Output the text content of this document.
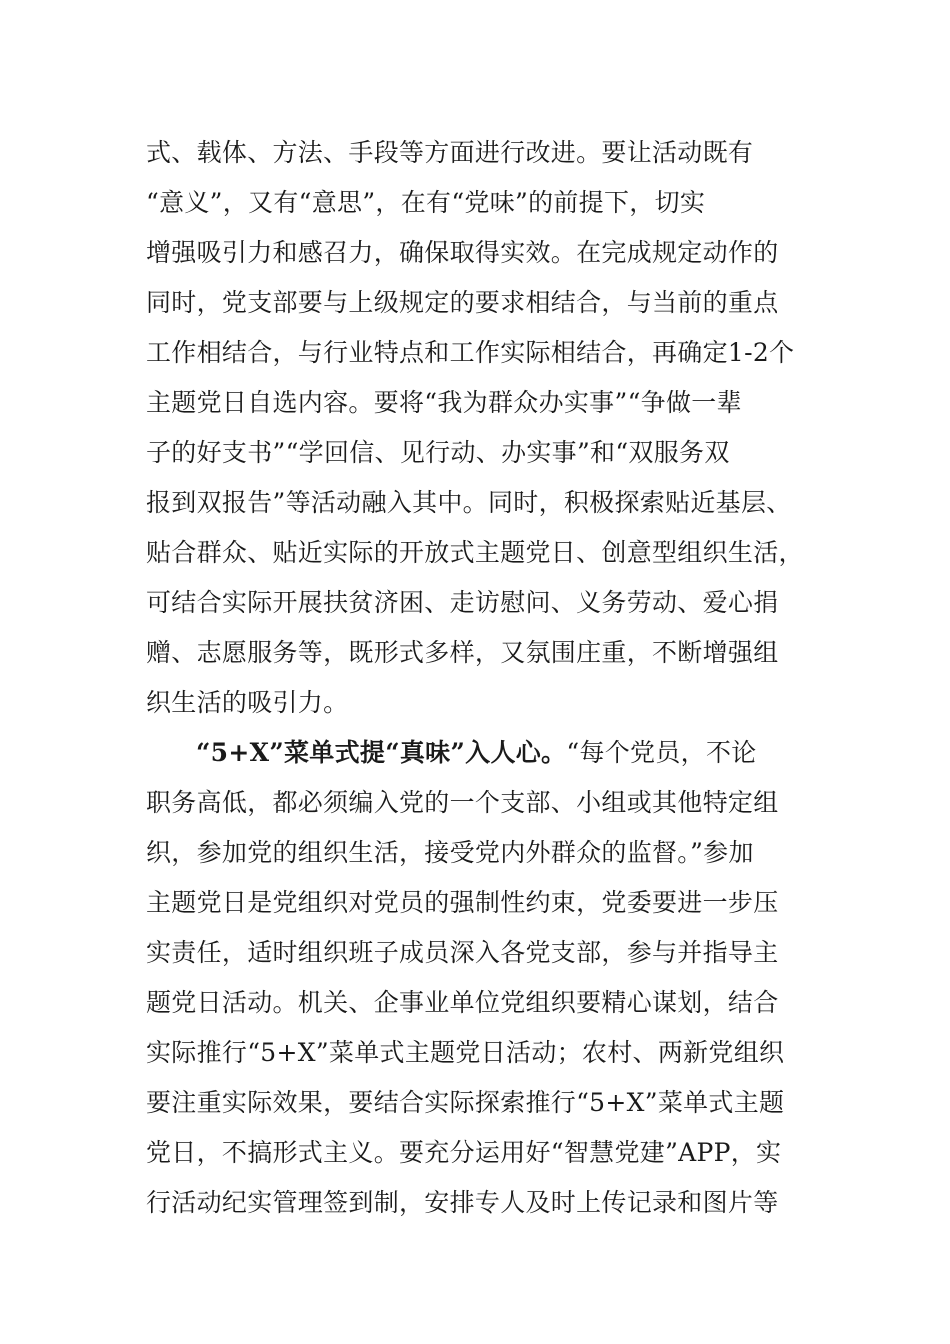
式、载体、方法、手段等方面进行改进。要让活动既有
“意义”，又有“意思”，在有“党味”的前提下，切实
增强吸引力和感召力，确保取得实效。在完成规定动作的
同时，党支部要与上级规定的要求相结合，与当前的重点
工作相结合，与行业特点和工作实际相结合，再确定1-2个
主题党日自选内容。要将“我为群众办实事”“争做一辈
子的好支书”“学回信、见行动、办实事”和“双服务双
报到双报告”等活动融入其中。同时，积极探索贴近基层、
贴合群众、贴近实际的开放式主题党日、创意型组织生活，
可结合实际开展扶贫济困、走访慰问、义务劳动、爱心捐
赠、志愿服务等，既形式多样，又氛围庄重，不断增强组
织生活的吸引力。
“5+X”菜单式提“真味”入人心。“每个党员，不论
职务高低，都必须编入党的一个支部、小组或其他特定组
织，参加党的组织生活，接受党内外群众的监督。”参加
主题党日是党组织对党员的强制性约束，党委要进一步压
实责任，适时组织班子成员深入各党支部，参与并指导主
题党日活动。机关、企事业单位党组织要精心谋划，结合
实际推行“5+X”菜单式主题党日活动；农村、两新党组织
要注重实际效果，要结合实际探索推行“5+X”菜单式主题
党日，不搞形式主义。要充分运用好“智慧党建”APP，实
行活动纪实管理签到制，安排专人及时上传记录和图片等
